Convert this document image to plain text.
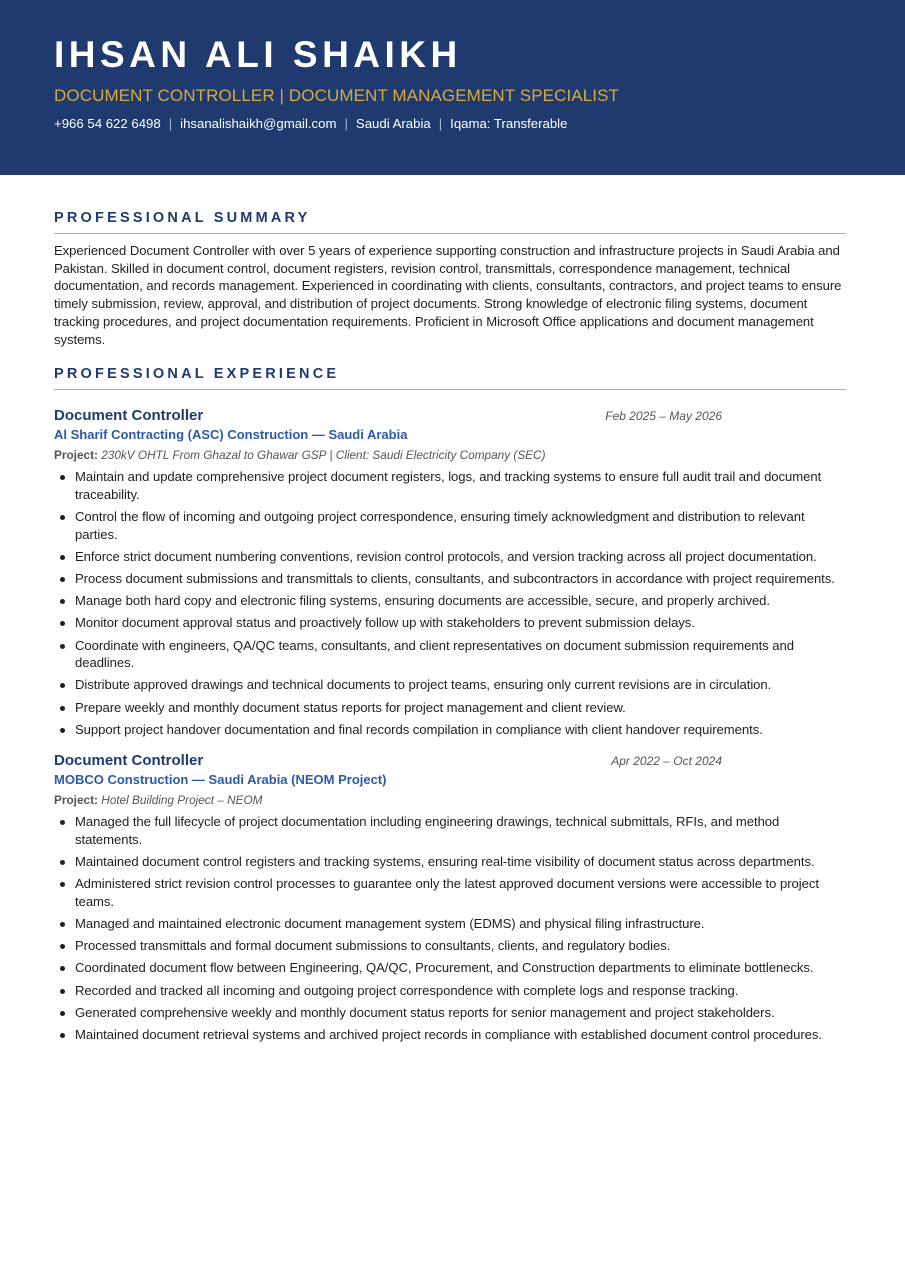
IHSAN ALI SHAIKH
DOCUMENT CONTROLLER | DOCUMENT MANAGEMENT SPECIALIST
+966 54 622 6498 | ihsanalishaikh@gmail.com | Saudi Arabia | Iqama: Transferable
PROFESSIONAL SUMMARY

Experienced Document Controller with over 5 years of experience supporting construction and infrastructure projects in Saudi Arabia and Pakistan. Skilled in document control, document registers, revision control, transmittals, correspondence management, technical documentation, and records management. Experienced in coordinating with clients, consultants, contractors, and project teams to ensure timely submission, review, approval, and distribution of project documents. Strong knowledge of electronic filing systems, document tracking procedures, and project documentation requirements. Proficient in Microsoft Office applications and document management systems.

PROFESSIONAL EXPERIENCE
Document Controller	Feb 2025 – May 2026
Al Sharif Contracting (ASC) Construction — Saudi Arabia
Project: 230kV OHTL From Ghazal to Ghawar GSP | Client: Saudi Electricity Company (SEC)
Maintain and update comprehensive project document registers, logs, and tracking systems to ensure full audit trail and document traceability.
Control the flow of incoming and outgoing project correspondence, ensuring timely acknowledgment and distribution to relevant parties.
Enforce strict document numbering conventions, revision control protocols, and version tracking across all project documentation.
Process document submissions and transmittals to clients, consultants, and subcontractors in accordance with project requirements.
Manage both hard copy and electronic filing systems, ensuring documents are accessible, secure, and properly archived.
Monitor document approval status and proactively follow up with stakeholders to prevent submission delays.
Coordinate with engineers, QA/QC teams, consultants, and client representatives on document submission requirements and deadlines.
Distribute approved drawings and technical documents to project teams, ensuring only current revisions are in circulation.
Prepare weekly and monthly document status reports for project management and client review.
Support project handover documentation and final records compilation in compliance with client handover requirements.
Document Controller	Apr 2022 – Oct 2024
MOBCO Construction — Saudi Arabia (NEOM Project)
Project: Hotel Building Project – NEOM
Managed the full lifecycle of project documentation including engineering drawings, technical submittals, RFIs, and method statements.
Maintained document control registers and tracking systems, ensuring real-time visibility of document status across departments.
Administered strict revision control processes to guarantee only the latest approved document versions were accessible to project teams.
Managed and maintained electronic document management system (EDMS) and physical filing infrastructure.
Processed transmittals and formal document submissions to consultants, clients, and regulatory bodies.
Coordinated document flow between Engineering, QA/QC, Procurement, and Construction departments to eliminate bottlenecks.
Recorded and tracked all incoming and outgoing project correspondence with complete logs and response tracking.
Generated comprehensive weekly and monthly document status reports for senior management and project stakeholders.
Maintained document retrieval systems and archived project records in compliance with established document control procedures.
